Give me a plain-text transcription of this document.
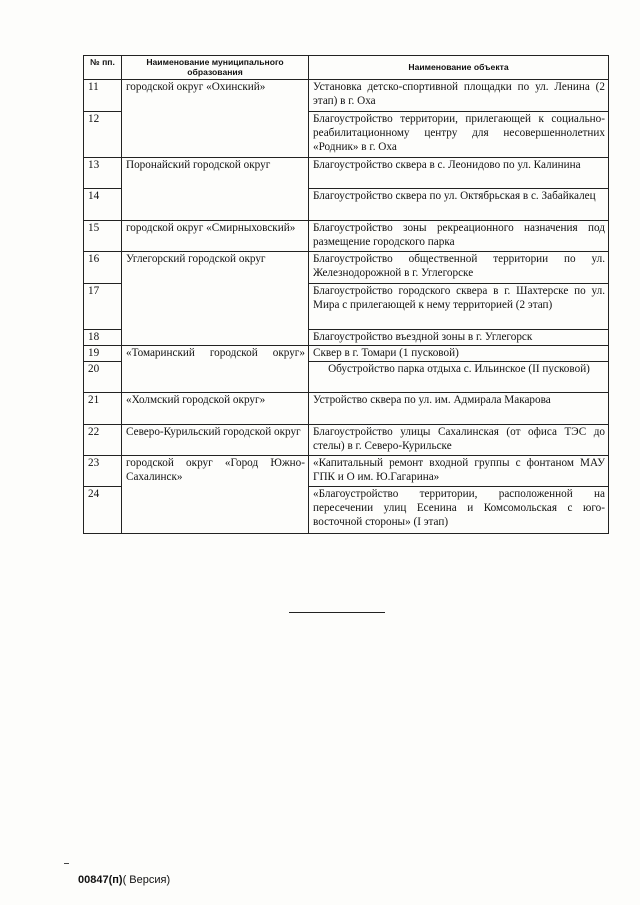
№ пп.	Наименование муниципального образования	Наименование объекта
11	городской округ «Охинский»	Установка детско-спортивной площадки по ул. Ленина (2 этап) в г. Оха
12		Благоустройство территории, прилегающей к социально-реабилитационному центру для несовершеннолетних «Родник» в г. Оха
13	Поронайский городской округ	Благоустройство сквера в с. Леонидово по ул. Калинина
14		Благоустройство сквера по ул. Октябрьская в с. Забайкалец
15	городской округ «Смирныховский»	Благоустройство зоны рекреационного назначения под размещение городского парка
16	Углегорский городской округ	Благоустройство общественной территории по ул. Железнодорожной в г. Углегорске
17		Благоустройство городского сквера в г. Шахтерске по ул. Мира с прилегающей к нему территорией (2 этап)
18		Благоустройство въездной зоны в г. Углегорск
19	«Томаринский городской округ»	Сквер в г. Томари (1 пусковой)
20		Обустройство парка отдыха с. Ильинское (II пусковой)
21	«Холмский городской округ»	Устройство сквера по ул. им. Адмирала Макарова
22	Северо-Курильский городской округ	Благоустройство улицы Сахалинская (от офиса ТЭС до стелы) в г. Северо-Курильске
23	городской округ «Город Южно-Сахалинск»	«Капитальный ремонт входной группы с фонтаном МАУ ГПК и О им. Ю.Гагарина»
24		«Благоустройство территории, расположенной на пересечении улиц Есенина и Комсомольская с юго-восточной стороны» (I этап)
00847(п)( Версия)
